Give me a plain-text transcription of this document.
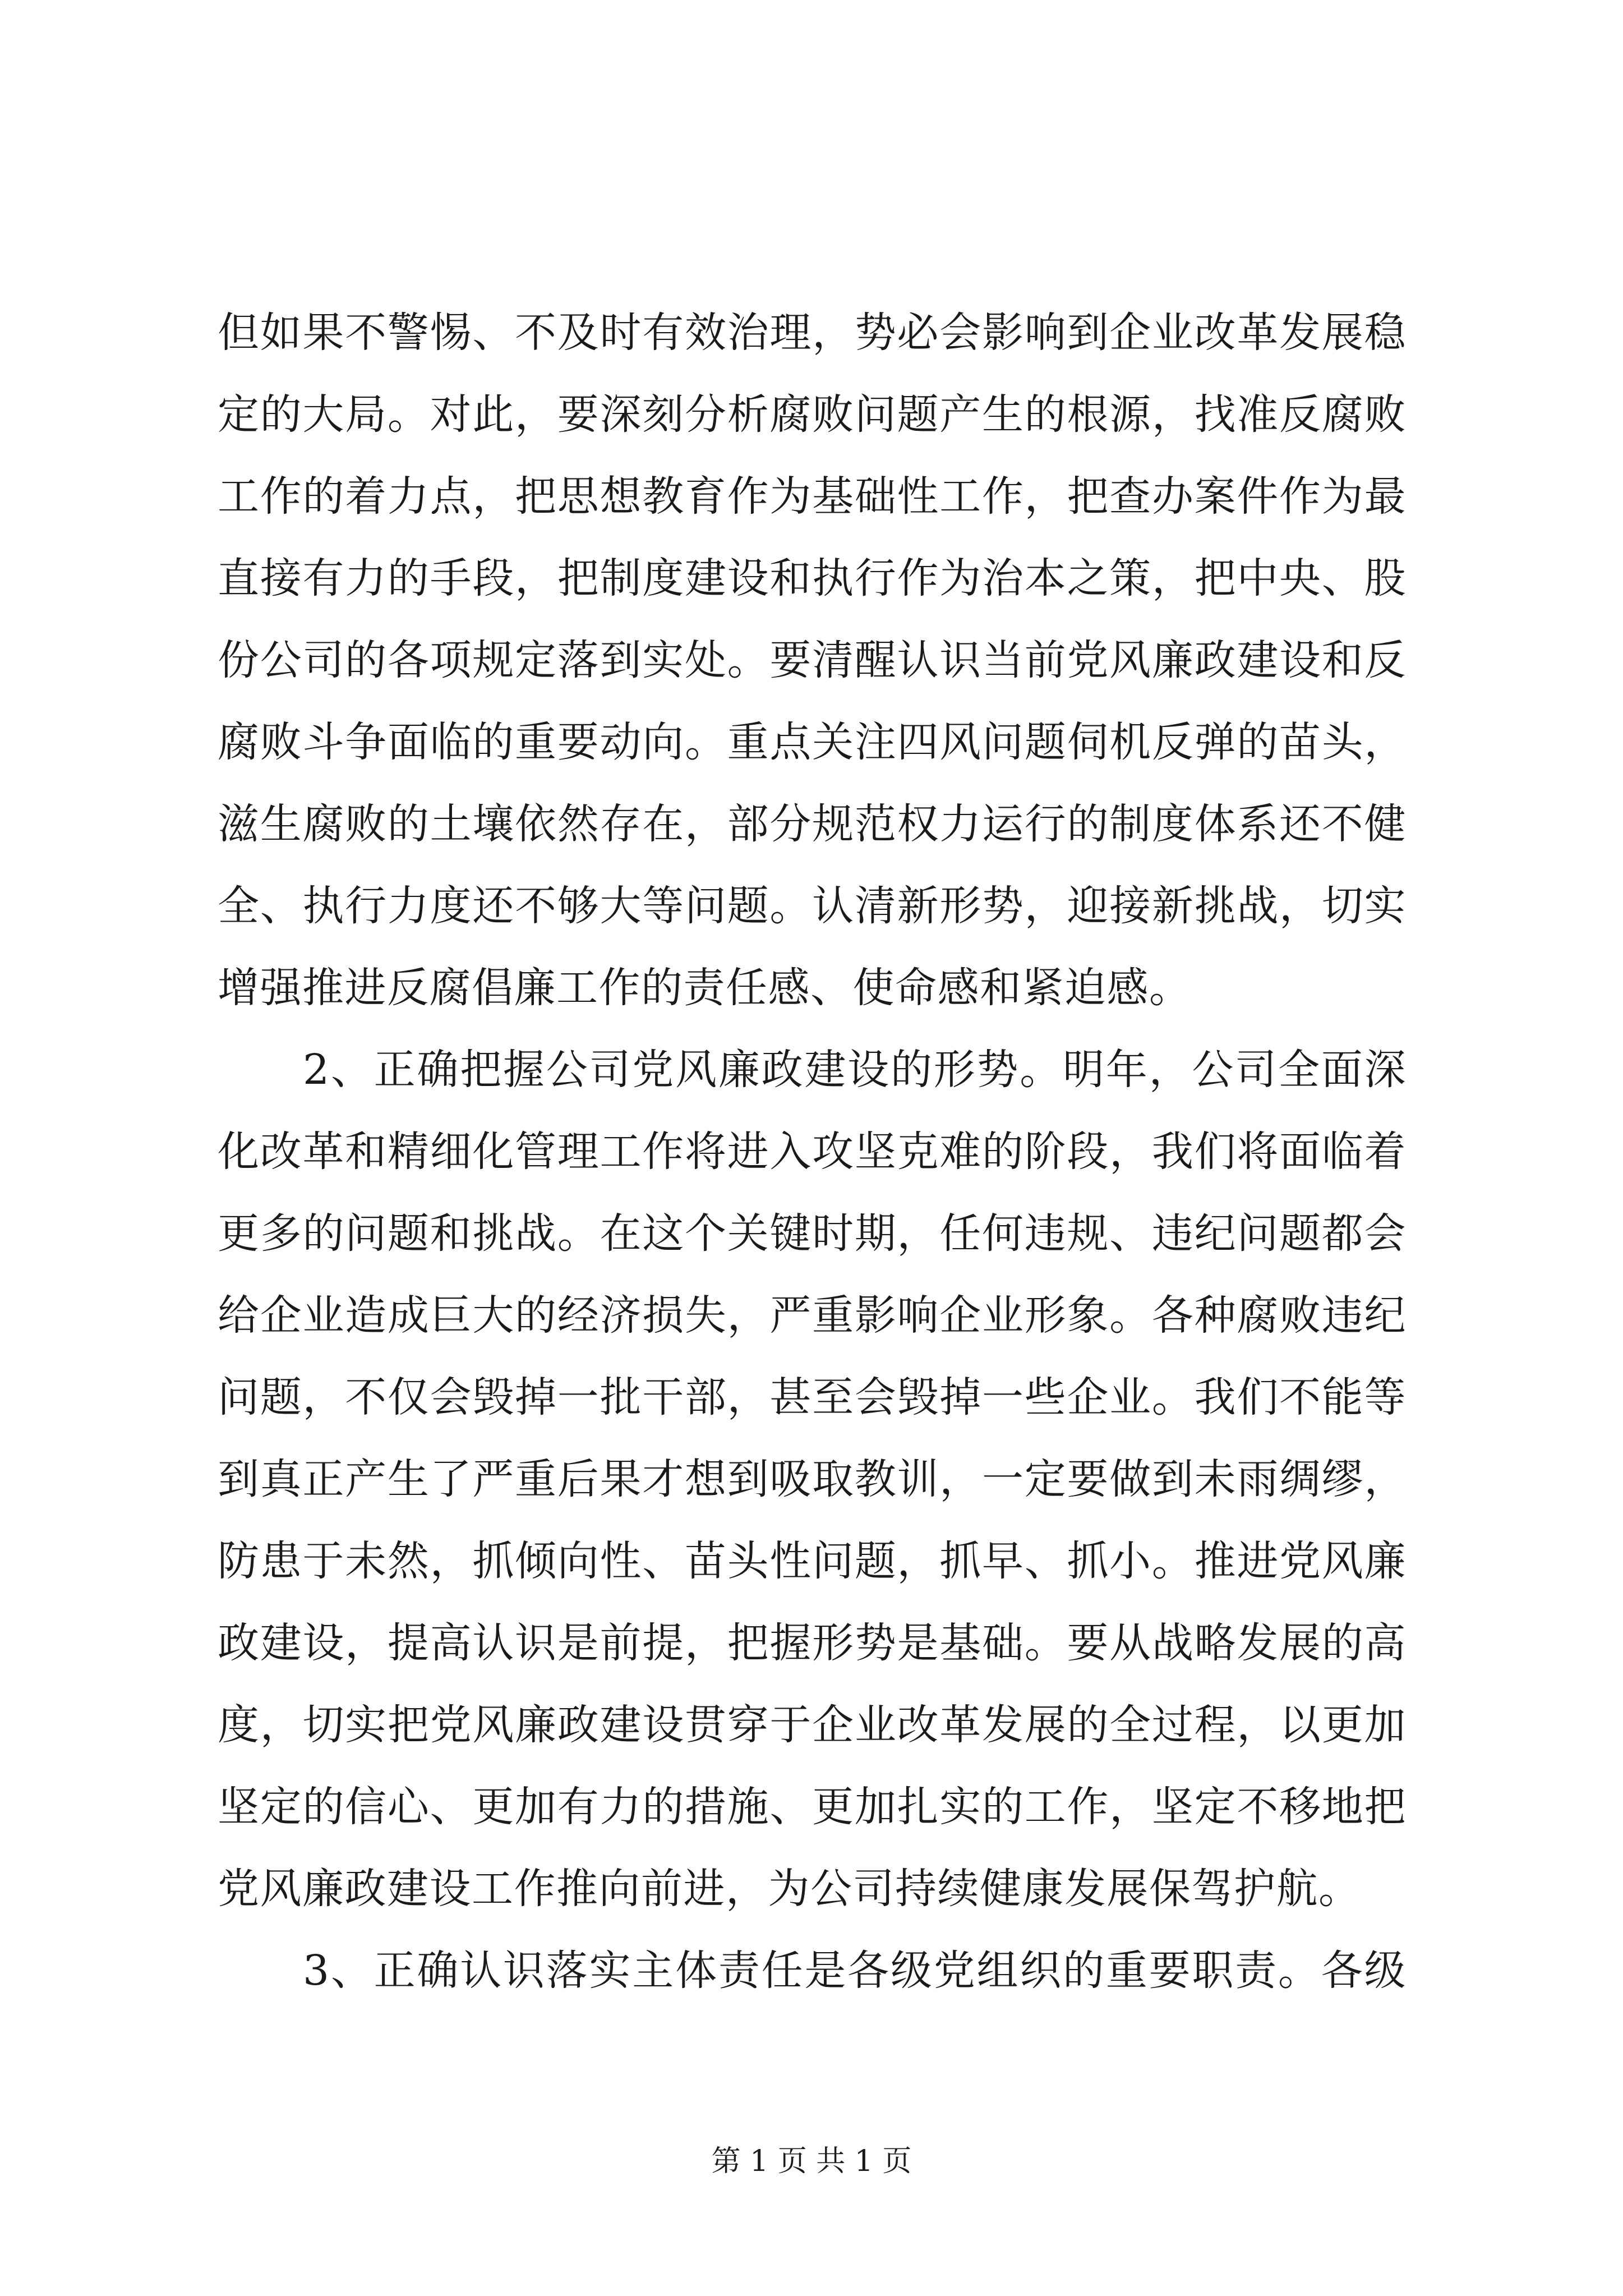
但如果不警惕、不及时有效治理，势必会影响到企业改革发展稳
定的大局。对此，要深刻分析腐败问题产生的根源，找准反腐败
工作的着力点，把思想教育作为基础性工作，把查办案件作为最
直接有力的手段，把制度建设和执行作为治本之策，把中央、股
份公司的各项规定落到实处。要清醒认识当前党风廉政建设和反
腐败斗争面临的重要动向。重点关注四风问题伺机反弹的苗头，
滋生腐败的土壤依然存在，部分规范权力运行的制度体系还不健
全、执行力度还不够大等问题。认清新形势，迎接新挑战，切实
增强推进反腐倡廉工作的责任感、使命感和紧迫感。
2、正确把握公司党风廉政建设的形势。明年，公司全面深
化改革和精细化管理工作将进入攻坚克难的阶段，我们将面临着
更多的问题和挑战。在这个关键时期，任何违规、违纪问题都会
给企业造成巨大的经济损失，严重影响企业形象。各种腐败违纪
问题，不仅会毁掉一批干部，甚至会毁掉一些企业。我们不能等
到真正产生了严重后果才想到吸取教训，一定要做到未雨绸缪，
防患于未然，抓倾向性、苗头性问题，抓早、抓小。推进党风廉
政建设，提高认识是前提，把握形势是基础。要从战略发展的高
度，切实把党风廉政建设贯穿于企业改革发展的全过程，以更加
坚定的信心、更加有力的措施、更加扎实的工作，坚定不移地把
党风廉政建设工作推向前进，为公司持续健康发展保驾护航。
3、正确认识落实主体责任是各级党组织的重要职责。各级
第 1 页 共 1 页
